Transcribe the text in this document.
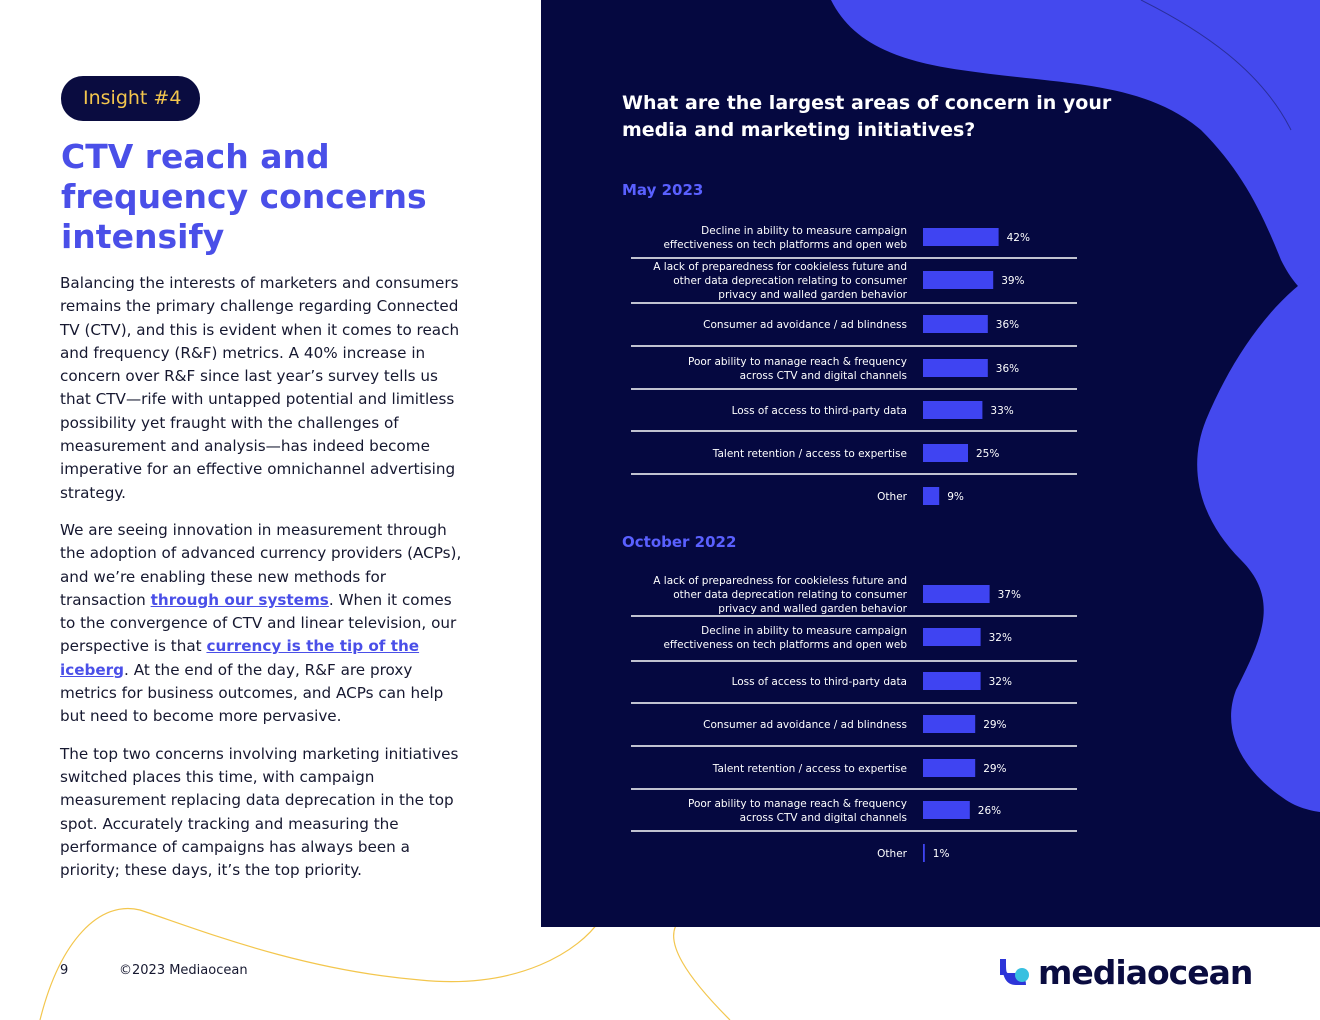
Insight #4
CTV reach and frequency concerns intensify

Balancing the interests of marketers and consumers remains the primary challenge regarding Connected TV (CTV), and this is evident when it comes to reach and frequency (R&F) metrics. A 40% increase in concern over R&F since last year’s survey tells us that CTV—rife with untapped potential and limitless possibility yet fraught with the challenges of measurement and analysis—has indeed become imperative for an effective omnichannel advertising strategy.

We are seeing innovation in measurement through the adoption of advanced currency providers (ACPs), and we’re enabling these new methods for transaction through our systems. When it comes to the convergence of CTV and linear television, our perspective is that currency is the tip of the iceberg. At the end of the day, R&F are proxy metrics for business outcomes, and ACPs can help but need to become more pervasive.

The top two concerns involving marketing initiatives switched places this time, with campaign measurement replacing data deprecation in the top spot. Accurately tracking and measuring the performance of campaigns has always been a priority; these days, it’s the top priority.

What are the largest areas of concern in your
media and marketing initiatives?
May 2023
Decline in ability to measure campaign
effectiveness on tech platforms and open web
42%
A lack of preparedness for cookieless future and
other data deprecation relating to consumer
privacy and walled garden behavior
39%
Consumer ad avoidance / ad blindness	36%
Poor ability to manage reach & frequency
across CTV and digital channels
36%
Loss of access to third-party data	33%
Talent retention / access to expertise	25%
Other	9%
October 2022
A lack of preparedness for cookieless future and
other data deprecation relating to consumer
privacy and walled garden behavior
37%
Decline in ability to measure campaign
effectiveness on tech platforms and open web
32%
Loss of access to third-party data	32%
Consumer ad avoidance / ad blindness	29%
Talent retention / access to expertise	29%
Poor ability to manage reach & frequency
across CTV and digital channels
26%
Other 1%
9	©2023 Mediaocean	mediaocean
